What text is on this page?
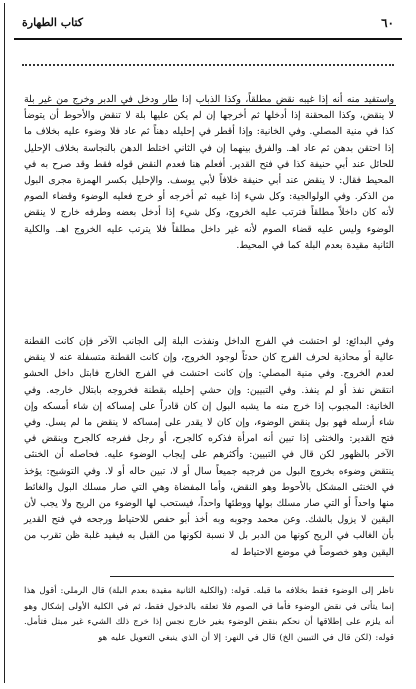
٦٠
كتاب الطهارة

واستفيد منه أنه إذا غيبه نقض مطلقاً، وكذا الذباب إذا طار ودخل في الدبر وخرج من غير بلة لا ينقض، وكذا المحقنة إذا أدخلها ثم أخرجها إن لم يكن عليها بلة لا تنقض والأحوط أن يتوضأ كذا في منية المصلي. وفي الخانية: وإذا أقطر في إحليله دهناً ثم عاد فلا وضوء عليه بخلاف ما إذا احتقن بدهن ثم عاد اهـ. والفرق بينهما إن في الثاني اختلط الدهن بالنجاسة بخلاف الإحليل للحائل عند أبي حنيفة كذا في فتح القدير. أفعلم هنا فعدم النقض قوله فقط وقد صرح به في المحيط فقال: لا ينقض عند أبي حنيفة خلافاً لأبي يوسف. والإحليل بكسر الهمزة مجرى البول من الذكر. وفي الولوالجية: وكل شيء إذا غيبه ثم أخرجه أو خرج فعليه الوضوء وقضاء الصوم لأنه كان داخلاً مطلقاً فترتب عليه الخروج، وكل شيء إذا أدخل بعضه وطرفه خارج لا ينقض الوضوء وليس عليه قضاء الصوم لأنه غير داخل مطلقاً فلا يترتب عليه الخروج اهـ. والكلية الثانية مقيدة بعدم البلة كما في المحيط.

وفي البدائع: لو احتشت في الفرج الداخل ونفذت البلة إلى الجانب الآخر فإن كانت القطنة عالية أو محاذية لحرف الفرج كان حدثاً لوجود الخروج، وإن كانت القطنة متسفلة عنه لا ينقض لعدم الخروج. وفي منية المصلي: وإن كانت احتشت في الفرج الخارج فابتل داخل الحشو انتقض نفذ أو لم ينفذ. وفي التبيين: وإن حشي إحليله بقطنة فخروجه بابتلال خارجه. وفي الخانية: المجبوب إذا خرج منه ما يشبه البول إن كان قادراً على إمساكه إن شاء أمسكه وإن شاء أرسله فهو بول ينقض الوضوء، وإن كان لا يقدر على إمساكه لا ينقض ما لم يسل. وفي فتح القدير: والخنثى إذا تبين أنه امرأة فذكره كالجرح، أو رجل ففرجه كالجرح وينقض في الآخر بالظهور لكن قال في التبيين: وأكثرهم على إيجاب الوضوء عليه. فحاصله أن الخنثى ينتقض وضوءه بخروج البول من فرجيه جميعاً سال أو لا، تبين حاله أو لا. وفي التوشيح: يؤخذ في الخنثى المشكل بالأحوط وهو النقض، وأما المفضاة وهي التي صار مسلك البول والغائط منها واحداً أو التي صار مسلك بولها ووطئها واحداً، فيستحب لها الوضوء من الريح ولا يجب لأن اليقين لا يزول بالشك. وعن محمد وجوبه وبه أخذ أبو حفص للاحتياط ورجحه في فتح القدير بأن الغالب في الريح كونها من الدبر بل لا نسبة لكونها من القبل به فيفيد غلبة ظن تقرب من اليقين وهو خصوصاً في موضع الاحتياط له

ناظر إلى الوضوء فقط بخلافه ما قبله. قوله: (والكلية الثانية مقيدة بعدم البلة) قال الرملي: أقول هذا إنما يتأتى في نقض الوضوء فأما في الصوم فلا تعلقه بالدخول فقط، ثم في الكلية الأولى إشكال وهو أنه يلزم على إطلاقها أن نحكم بنقض الوضوء بغير خارج نجس إذا خرج ذلك الشيء غير مبتل فتأمل. قوله: (لكن قال في التبيين الخ) قال في النهر: إلا أن الذي ينبغي التعويل عليه هو
